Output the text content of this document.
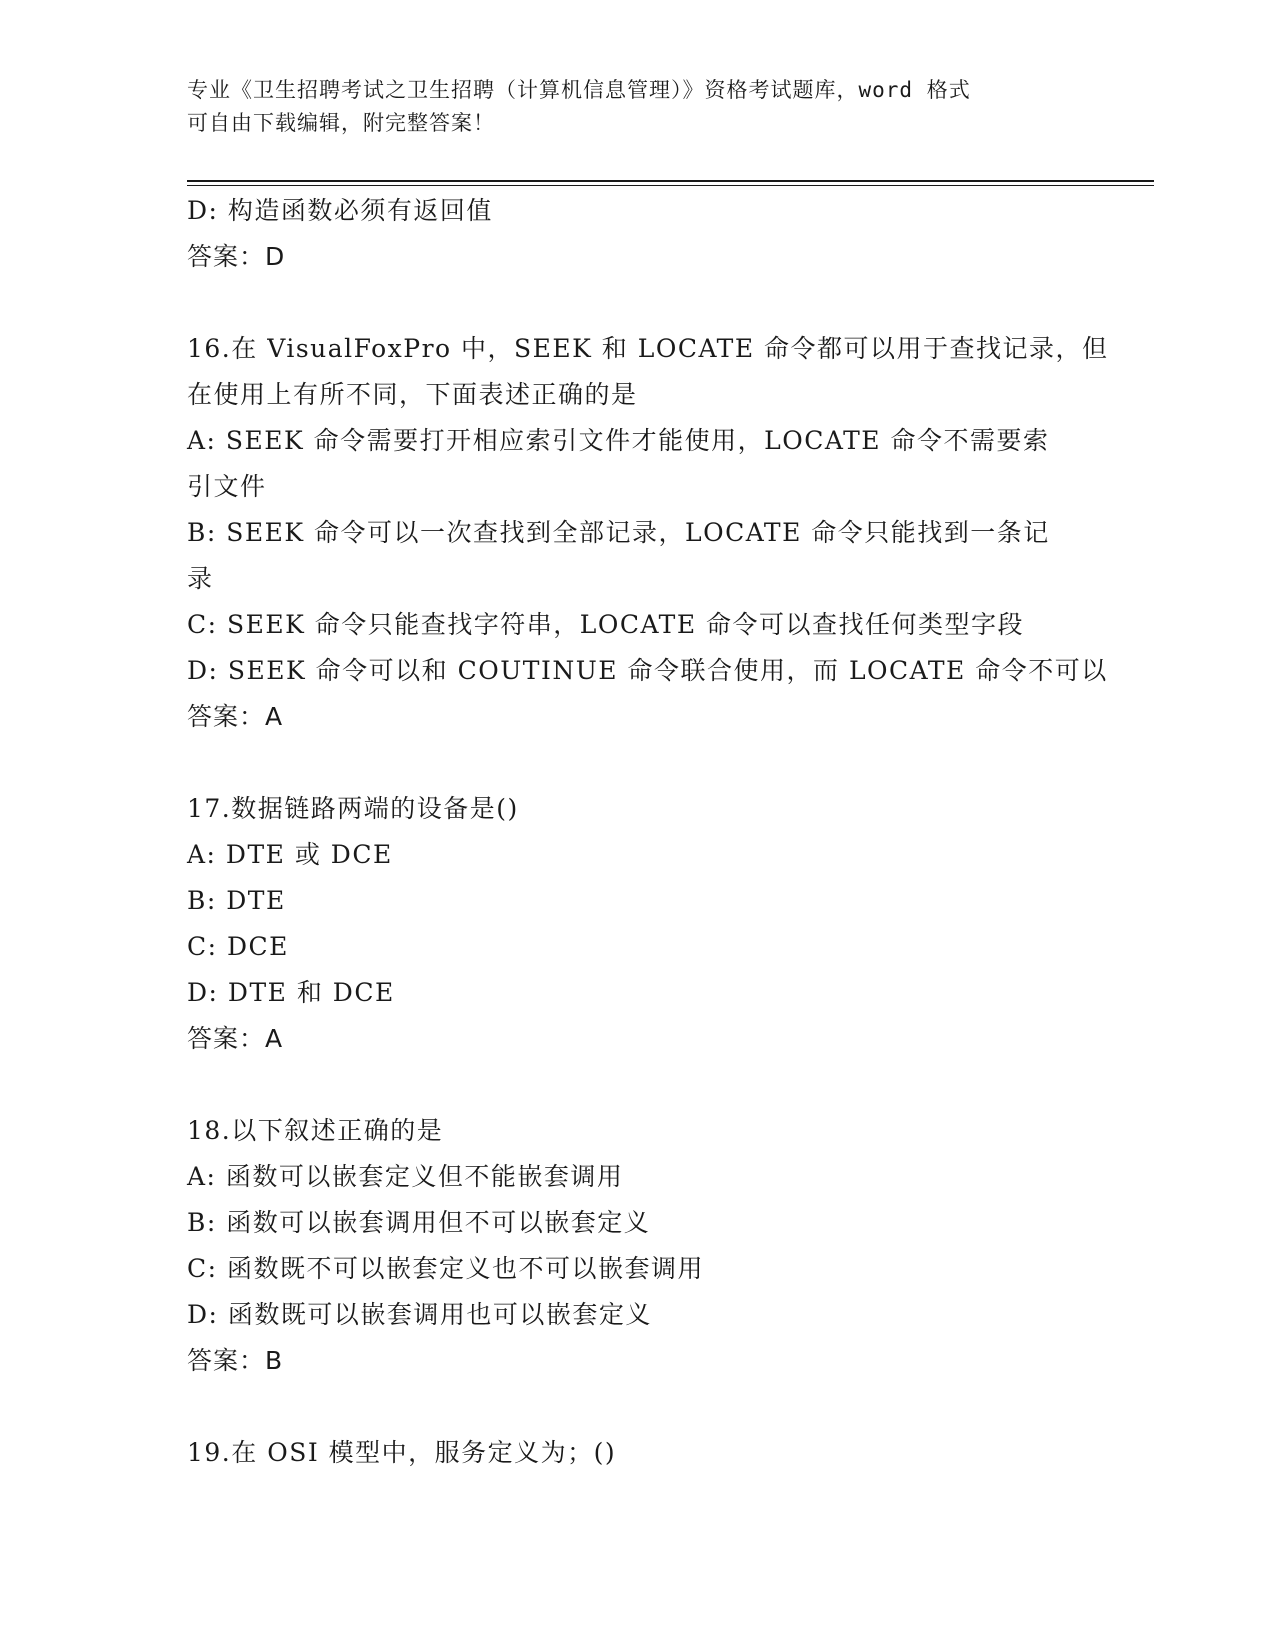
专业《卫生招聘考试之卫生招聘（计算机信息管理）》资格考试题库，word 格式
可自由下载编辑，附完整答案！
D: 构造函数必须有返回值
答案：D
16.在 VisualFoxPro 中，SEEK 和 LOCATE 命令都可以用于查找记录，但
在使用上有所不同，下面表述正确的是
A: SEEK 命令需要打开相应索引文件才能使用，LOCATE 命令不需要索
引文件
B: SEEK 命令可以一次查找到全部记录，LOCATE 命令只能找到一条记
录
C: SEEK 命令只能查找字符串，LOCATE 命令可以查找任何类型字段
D: SEEK 命令可以和 COUTINUE 命令联合使用，而 LOCATE 命令不可以
答案：A
17.数据链路两端的设备是()
A: DTE 或 DCE
B: DTE
C: DCE
D: DTE 和 DCE
答案：A
18.以下叙述正确的是
A: 函数可以嵌套定义但不能嵌套调用
B: 函数可以嵌套调用但不可以嵌套定义
C: 函数既不可以嵌套定义也不可以嵌套调用
D: 函数既可以嵌套调用也可以嵌套定义
答案：B
19.在 OSI 模型中，服务定义为；()
